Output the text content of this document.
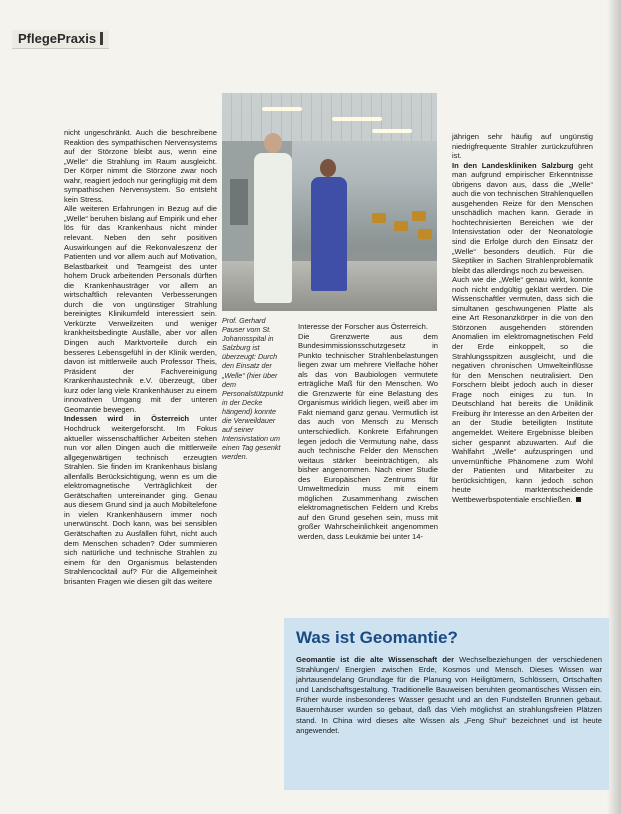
PflegePraxis

nicht ungeschränkt. Auch die beschreibene Reaktion des sympathischen Nervensystems auf der Störzone bleibt aus, wenn eine „Welle“ die Strahlung im Raum ausgleicht. Der Körper nimmt die Störzone zwar noch wahr, reagiert jedoch nur geringfügig mit dem sympathischen Nervensystem. So entsteht kein Stress.

Alle weiteren Erfahrungen in Bezug auf die „Welle“ beruhen bislang auf Empirik und eher lös für das Krankenhaus nicht minder relevant. Neben den sehr positiven Auswirkungen auf die Rekonvaleszenz der Patienten und vor allem auch auf Motivation, Belastbarkeit und Teamgeist des unter hohem Druck arbeitenden Personals dürften die Krankenhausträger vor allem an wirtschaftlich relevanten Verbesserungen durch die von ungünstiger Strahlung bereinigtes Klinikumfeld interessiert sein. Verkürzte Verweilzeiten und weniger krankheitsbedingte Ausfälle, aber vor allen Dingen auch Marktvorteile durch ein besseres Lebensgefühl in der Klinik werden, davon ist mittlerweile auch Professor Theis, Präsident der Fachvereinigung Krankenhaustechnik e.V. überzeugt, über kurz oder lang viele Krankenhäuser zu einem innovativen Umgang mit der unteren Geomantie bewegen.

Indessen wird in Österreich unter Hochdruck weitergeforscht. Im Fokus aktueller wissenschaftlicher Arbeiten stehen nun vor allen Dingen auch die mittlerweile allgegenwärtigen technisch erzeugten Strahlen. Sie finden im Krankenhaus bislang allenfalls Berücksichtigung, wenn es um die elektromagnetische Verträglichkeit der Gerätschaften untereinander ging. Genau aus diesem Grund sind ja auch Mobiltelefone in vielen Krankenhäusern immer noch unerwünscht. Doch kann, was bei sensiblen Gerätschaften zu Ausfällen führt, nicht auch dem Menschen schaden? Oder summieren sich natürliche und technische Strahlen zu einem für den Organismus belastenden Strahlencocktail auf? Für die Allgemeinheit brisanten Fragen wie diesen gilt das weitere

Prof. Gerhard Pauser vom St. Johannsspital in Salzburg ist überzeugt: Durch den Einsatz der „Welle“ (hier über dem Personalstützpunkt in der Decke hängend) konnte die Verweildauer auf seiner Intensivstation um einen Tag gesenkt werden.

Interesse der Forscher aus Österreich.

Die Grenzwerte aus dem Bundesimmissionsschutzgesetz in Punkto technischer Strahlenbelastungen liegen zwar um mehrere Vielfache höher als das von Baubiologen vermutete erträgliche Maß für den Menschen. Wo die Grenzwerte für eine Belastung des Organismus wirklich liegen, weiß aber im Fakt niemand ganz genau. Vermutlich ist das auch von Mensch zu Mensch unterschiedlich. Konkrete Erfahrungen legen jedoch die Vermutung nahe, dass auch technische Felder den Menschen weitaus stärker beeinträchtigen, als bisher angenommen. Nach einer Studie des Europäischen Zentrums für Umweltmedizin muss mit einem möglichen Zusammenhang zwischen elektromagnetischen Feldern und Krebs auf den Grund gesehen sein, muss mit großer Wahrscheinlichkeit angenommen werden, dass Leukämie bei unter 14-

jährigen sehr häufig auf ungünstig niedrigfrequente Strahler zurückzuführen ist.

In den Landeskliniken Salzburg geht man aufgrund empirischer Erkenntnisse übrigens davon aus, dass die „Welle“ auch die von technischen Strahlenquellen ausgehenden Reize für den Menschen unschädlich machen kann. Gerade in hochtechnisierten Bereichen wie der Intensivstation oder der Neonatologie sind die Erfolge durch den Einsatz der „Welle“ besonders deutlich. Für die Skeptiker in Sachen Strahlenproblematik bleibt das allerdings noch zu beweisen.

Auch wie die „Welle“ genau wirkt, konnte noch nicht endgültig geklärt werden. Die Wissenschaftler vermuten, dass sich die simultanen geschwungenen Platte als eine Art Resonanzkörper in die von den Störzonen ausgehenden störenden Anomalien im elektromagnetischen Feld der Erde einkoppelt, so die Strahlungsspitzen ausgleicht, und die negativen chronischen Umwelteinflüsse für den Menschen neutralisiert. Den Forschern bleibt jedoch auch in dieser Frage noch einiges zu tun. In Deutschland hat bereits die Uniklinik Freiburg ihr Interesse an den Arbeiten der an der Studie beteiligten Institute angemeldet. Weitere Ergebnisse bleiben sicher gespannt abzuwarten. Auf die Wahlfahrt „Welle“ aufzuspringen und unvernünftiche Phänomene zum Wohl der Patienten und Mitarbeiter zu berücksichtigen, kann jedoch schon heute marktentscheidende Wettbewerbspotentiale erschließen.

Was ist Geomantie?
Geomantie ist die alte Wissenschaft der Wechselbeziehungen der verschiedenen Strahlungen/ Energien zwischen Erde, Kosmos und Mensch. Dieses Wissen war jahrtausendelang Grundlage für die Planung von Heiligtümern, Schlössern, Ortschaften und Landschaftsgestaltung. Traditionelle Bauweisen beruhten geomantisches Wissen ein. Früher wurde insbesonderes Wasser gesucht und an den Fundstellen Brunnen gebaut. Bauernhäuser wurden so gebaut, daß das Vieh möglichst an strahlungsfreien Plätzen stand. In China wird dieses alte Wissen als „Feng Shui“ bezeichnet und ist heute angewendet.
